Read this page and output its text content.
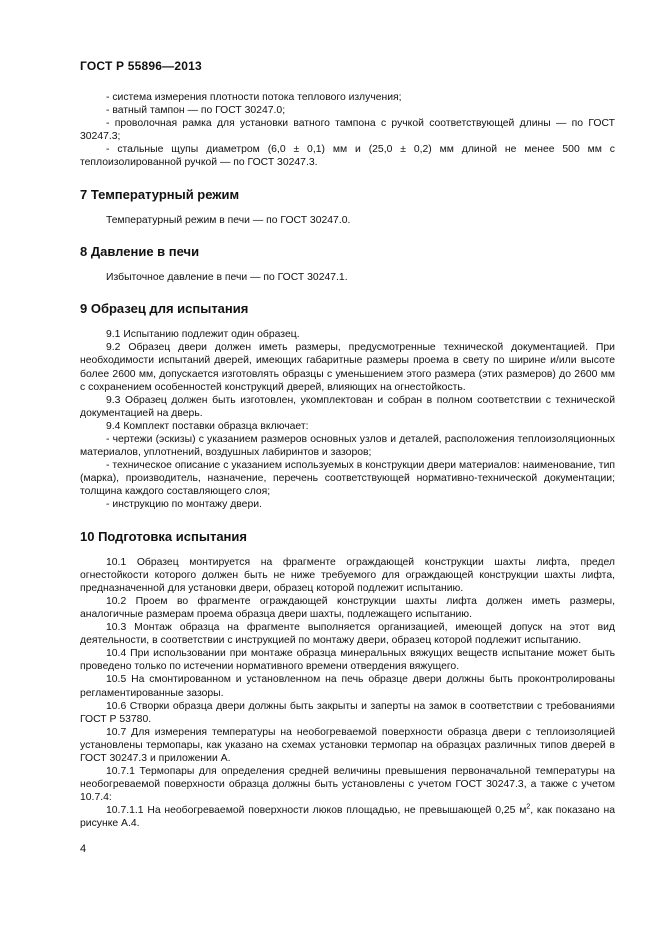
ГОСТ Р 55896—2013

- система измерения плотности потока теплового излучения;

- ватный тампон — по ГОСТ 30247.0;

- проволочная рамка для установки ватного тампона с ручкой соответствующей длины — по ГОСТ 30247.3;

- стальные щупы диаметром (6,0 ± 0,1) мм и (25,0 ± 0,2) мм длиной не менее 500 мм с теплоизолированной ручкой — по ГОСТ 30247.3.

7 Температурный режим

Температурный режим в печи — по ГОСТ 30247.0.

8 Давление в печи

Избыточное давление в печи — по ГОСТ 30247.1.

9 Образец для испытания

9.1 Испытанию подлежит один образец.

9.2 Образец двери должен иметь размеры, предусмотренные технической документацией. При необходимости испытаний дверей, имеющих габаритные размеры проема в свету по ширине и/или высоте более 2600 мм, допускается изготовлять образцы с уменьшением этого размера (этих размеров) до 2600 мм с сохранением особенностей конструкций дверей, влияющих на огнестойкость.

9.3 Образец должен быть изготовлен, укомплектован и собран в полном соответствии с технической документацией на дверь.

9.4 Комплект поставки образца включает:

- чертежи (эскизы) с указанием размеров основных узлов и деталей, расположения теплоизоляционных материалов, уплотнений, воздушных лабиринтов и зазоров;

- техническое описание с указанием используемых в конструкции двери материалов: наименование, тип (марка), производитель, назначение, перечень соответствующей нормативно-технической документации; толщина каждого составляющего слоя;

- инструкцию по монтажу двери.

10 Подготовка испытания

10.1 Образец монтируется на фрагменте ограждающей конструкции шахты лифта, предел огнестойкости которого должен быть не ниже требуемого для ограждающей конструкции шахты лифта, предназначенной для установки двери, образец которой подлежит испытанию.

10.2 Проем во фрагменте ограждающей конструкции шахты лифта должен иметь размеры, аналогичные размерам проема образца двери шахты, подлежащего испытанию.

10.3 Монтаж образца на фрагменте выполняется организацией, имеющей допуск на этот вид деятельности, в соответствии с инструкцией по монтажу двери, образец которой подлежит испытанию.

10.4 При использовании при монтаже образца минеральных вяжущих веществ испытание может быть проведено только по истечении нормативного времени отвердения вяжущего.

10.5 На смонтированном и установленном на печь образце двери должны быть проконтролированы регламентированные зазоры.

10.6 Створки образца двери должны быть закрыты и заперты на замок в соответствии с требованиями ГОСТ Р 53780.

10.7 Для измерения температуры на необогреваемой поверхности образца двери с теплоизоляцией установлены термопары, как указано на схемах установки термопар на образцах различных типов дверей в ГОСТ 30247.3 и приложении А.

10.7.1 Термопары для определения средней величины превышения первоначальной температуры на необогреваемой поверхности образца должны быть установлены с учетом ГОСТ 30247.3, а также с учетом 10.7.4:

10.7.1.1 На необогреваемой поверхности люков площадью, не превышающей 0,25 $м^2$, как показано на рисунке А.4.

4
